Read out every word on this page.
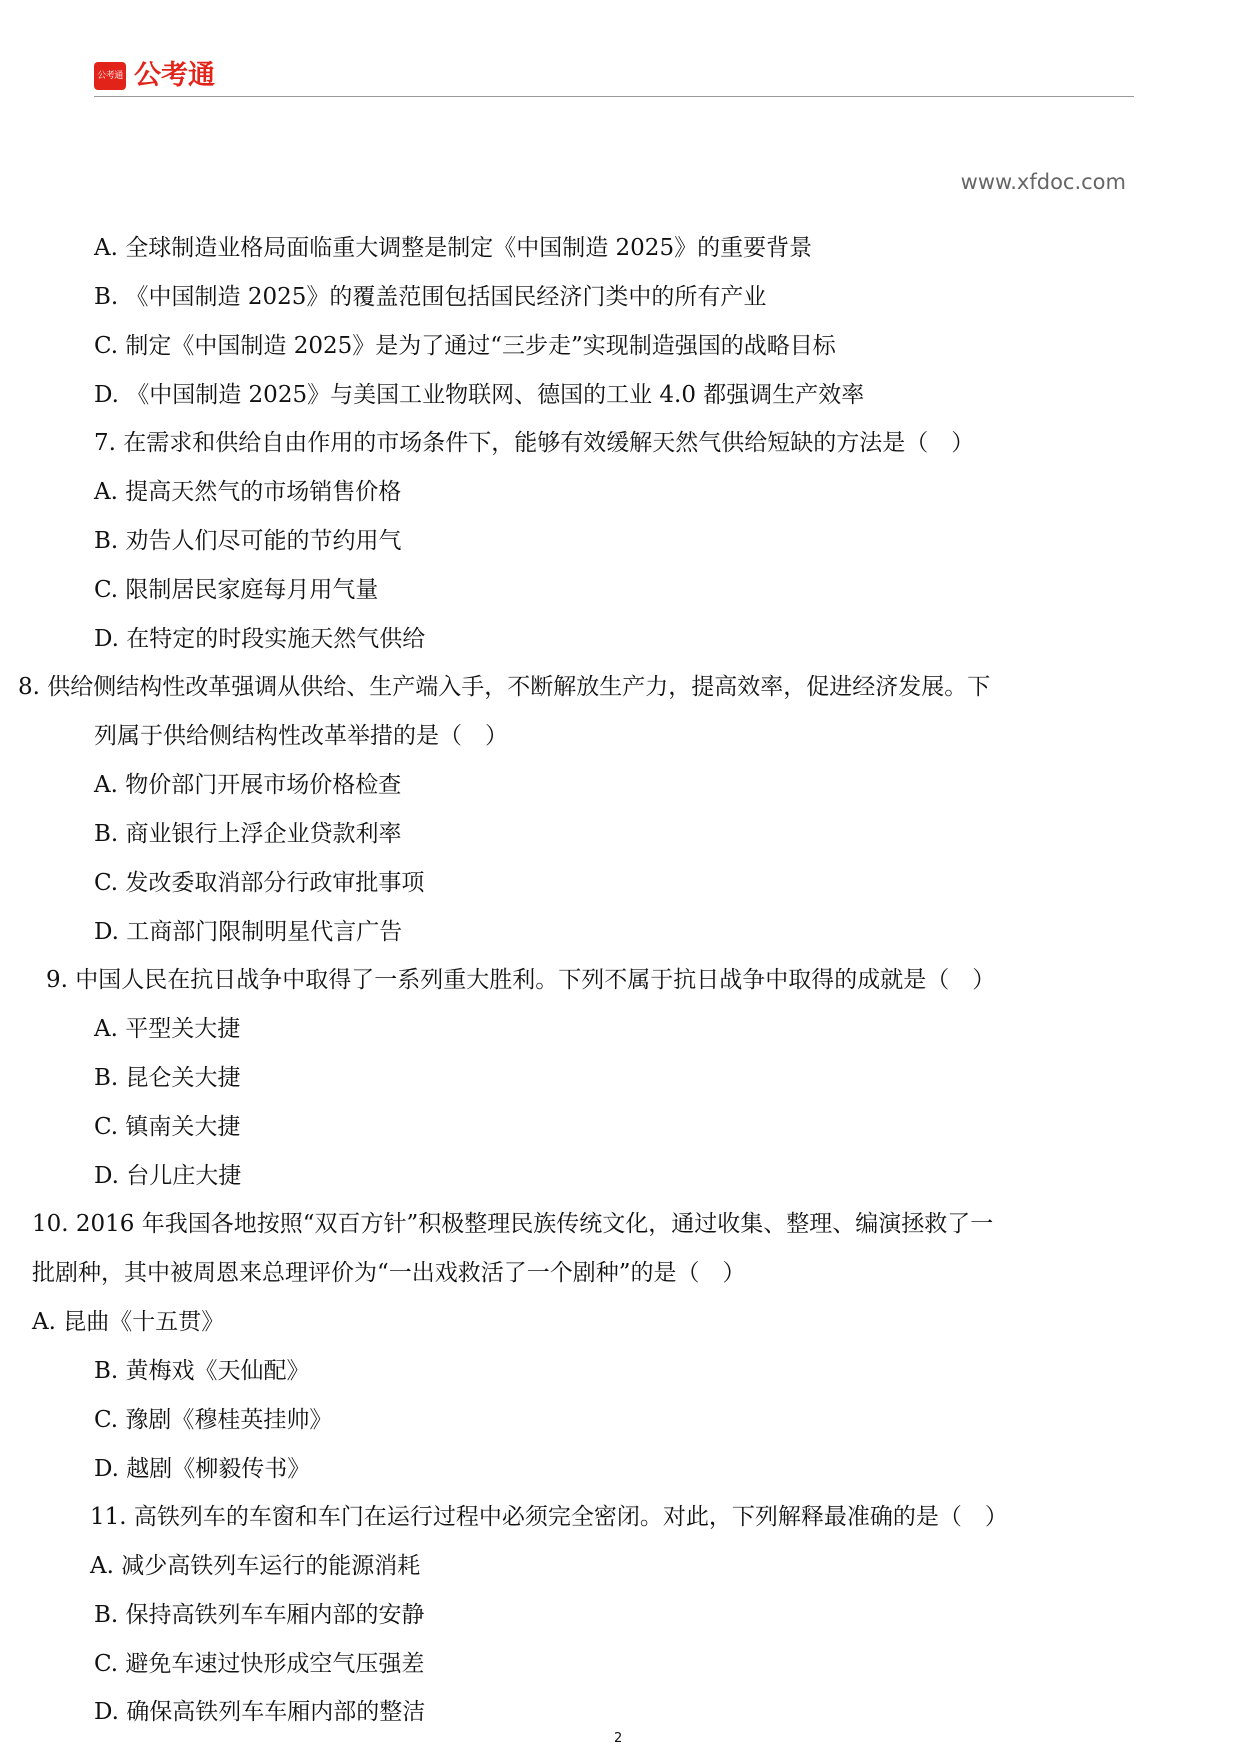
公考通 公考通
www.xfdoc.com
A. 全球制造业格局面临重大调整是制定《中国制造 2025》的重要背景
B. 《中国制造 2025》的覆盖范围包括国民经济门类中的所有产业
C. 制定《中国制造 2025》是为了通过“三步走”实现制造强国的战略目标
D. 《中国制造 2025》与美国工业物联网、德国的工业 4.0 都强调生产效率
7. 在需求和供给自由作用的市场条件下，能够有效缓解天然气供给短缺的方法是（　）
A. 提高天然气的市场销售价格
B. 劝告人们尽可能的节约用气
C. 限制居民家庭每月用气量
D. 在特定的时段实施天然气供给
8. 供给侧结构性改革强调从供给、生产端入手，不断解放生产力，提高效率，促进经济发展。下
列属于供给侧结构性改革举措的是（　）
A. 物价部门开展市场价格检查
B. 商业银行上浮企业贷款利率
C. 发改委取消部分行政审批事项
D. 工商部门限制明星代言广告
9. 中国人民在抗日战争中取得了一系列重大胜利。下列不属于抗日战争中取得的成就是（　）
A. 平型关大捷
B. 昆仑关大捷
C. 镇南关大捷
D. 台儿庄大捷
10. 2016 年我国各地按照“双百方针”积极整理民族传统文化，通过收集、整理、编演拯救了一
批剧种，其中被周恩来总理评价为“一出戏救活了一个剧种”的是（　）
A. 昆曲《十五贯》
B. 黄梅戏《天仙配》
C. 豫剧《穆桂英挂帅》
D. 越剧《柳毅传书》
11. 高铁列车的车窗和车门在运行过程中必须完全密闭。对此，下列解释最准确的是（　）
A. 减少高铁列车运行的能源消耗
B. 保持高铁列车车厢内部的安静
C. 避免车速过快形成空气压强差
D. 确保高铁列车车厢内部的整洁
2
